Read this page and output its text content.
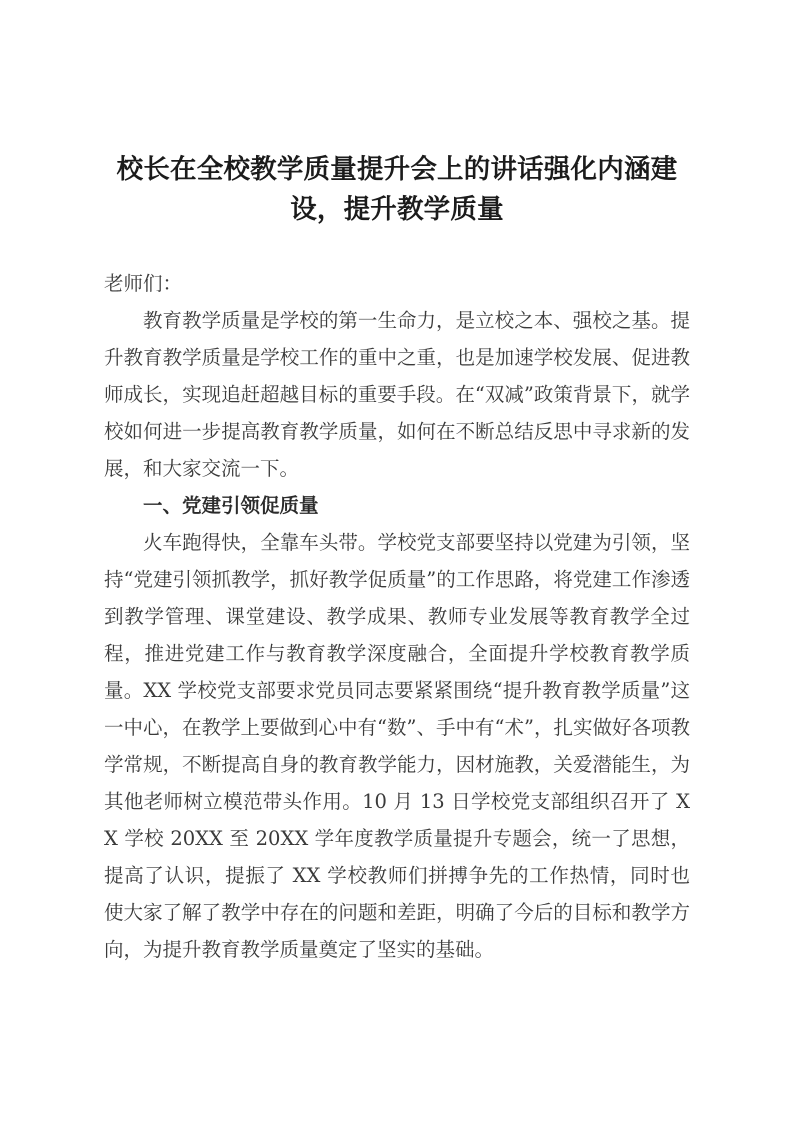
校长在全校教学质量提升会上的讲话强化内涵建设，提升教学质量

老师们：

教育教学质量是学校的第一生命力，是立校之本、强校之基。提升教育教学质量是学校工作的重中之重，也是加速学校发展、促进教师成长，实现追赶超越目标的重要手段。在“双减”政策背景下，就学校如何进一步提高教育教学质量，如何在不断总结反思中寻求新的发展，和大家交流一下。

一、党建引领促质量

火车跑得快，全靠车头带。学校党支部要坚持以党建为引领，坚持“党建引领抓教学，抓好教学促质量”的工作思路，将党建工作渗透到教学管理、课堂建设、教学成果、教师专业发展等教育教学全过程，推进党建工作与教育教学深度融合，全面提升学校教育教学质量。XX 学校党支部要求党员同志要紧紧围绕“提升教育教学质量”这一中心，在教学上要做到心中有“数”、手中有“术”，扎实做好各项教学常规，不断提高自身的教育教学能力，因材施教，关爱潜能生，为其他老师树立模范带头作用。10 月 13 日学校党支部组织召开了 XX 学校 20XX 至 20XX 学年度教学质量提升专题会，统一了思想，提高了认识，提振了 XX 学校教师们拼搏争先的工作热情，同时也使大家了解了教学中存在的问题和差距，明确了今后的目标和教学方向，为提升教育教学质量奠定了坚实的基础。
